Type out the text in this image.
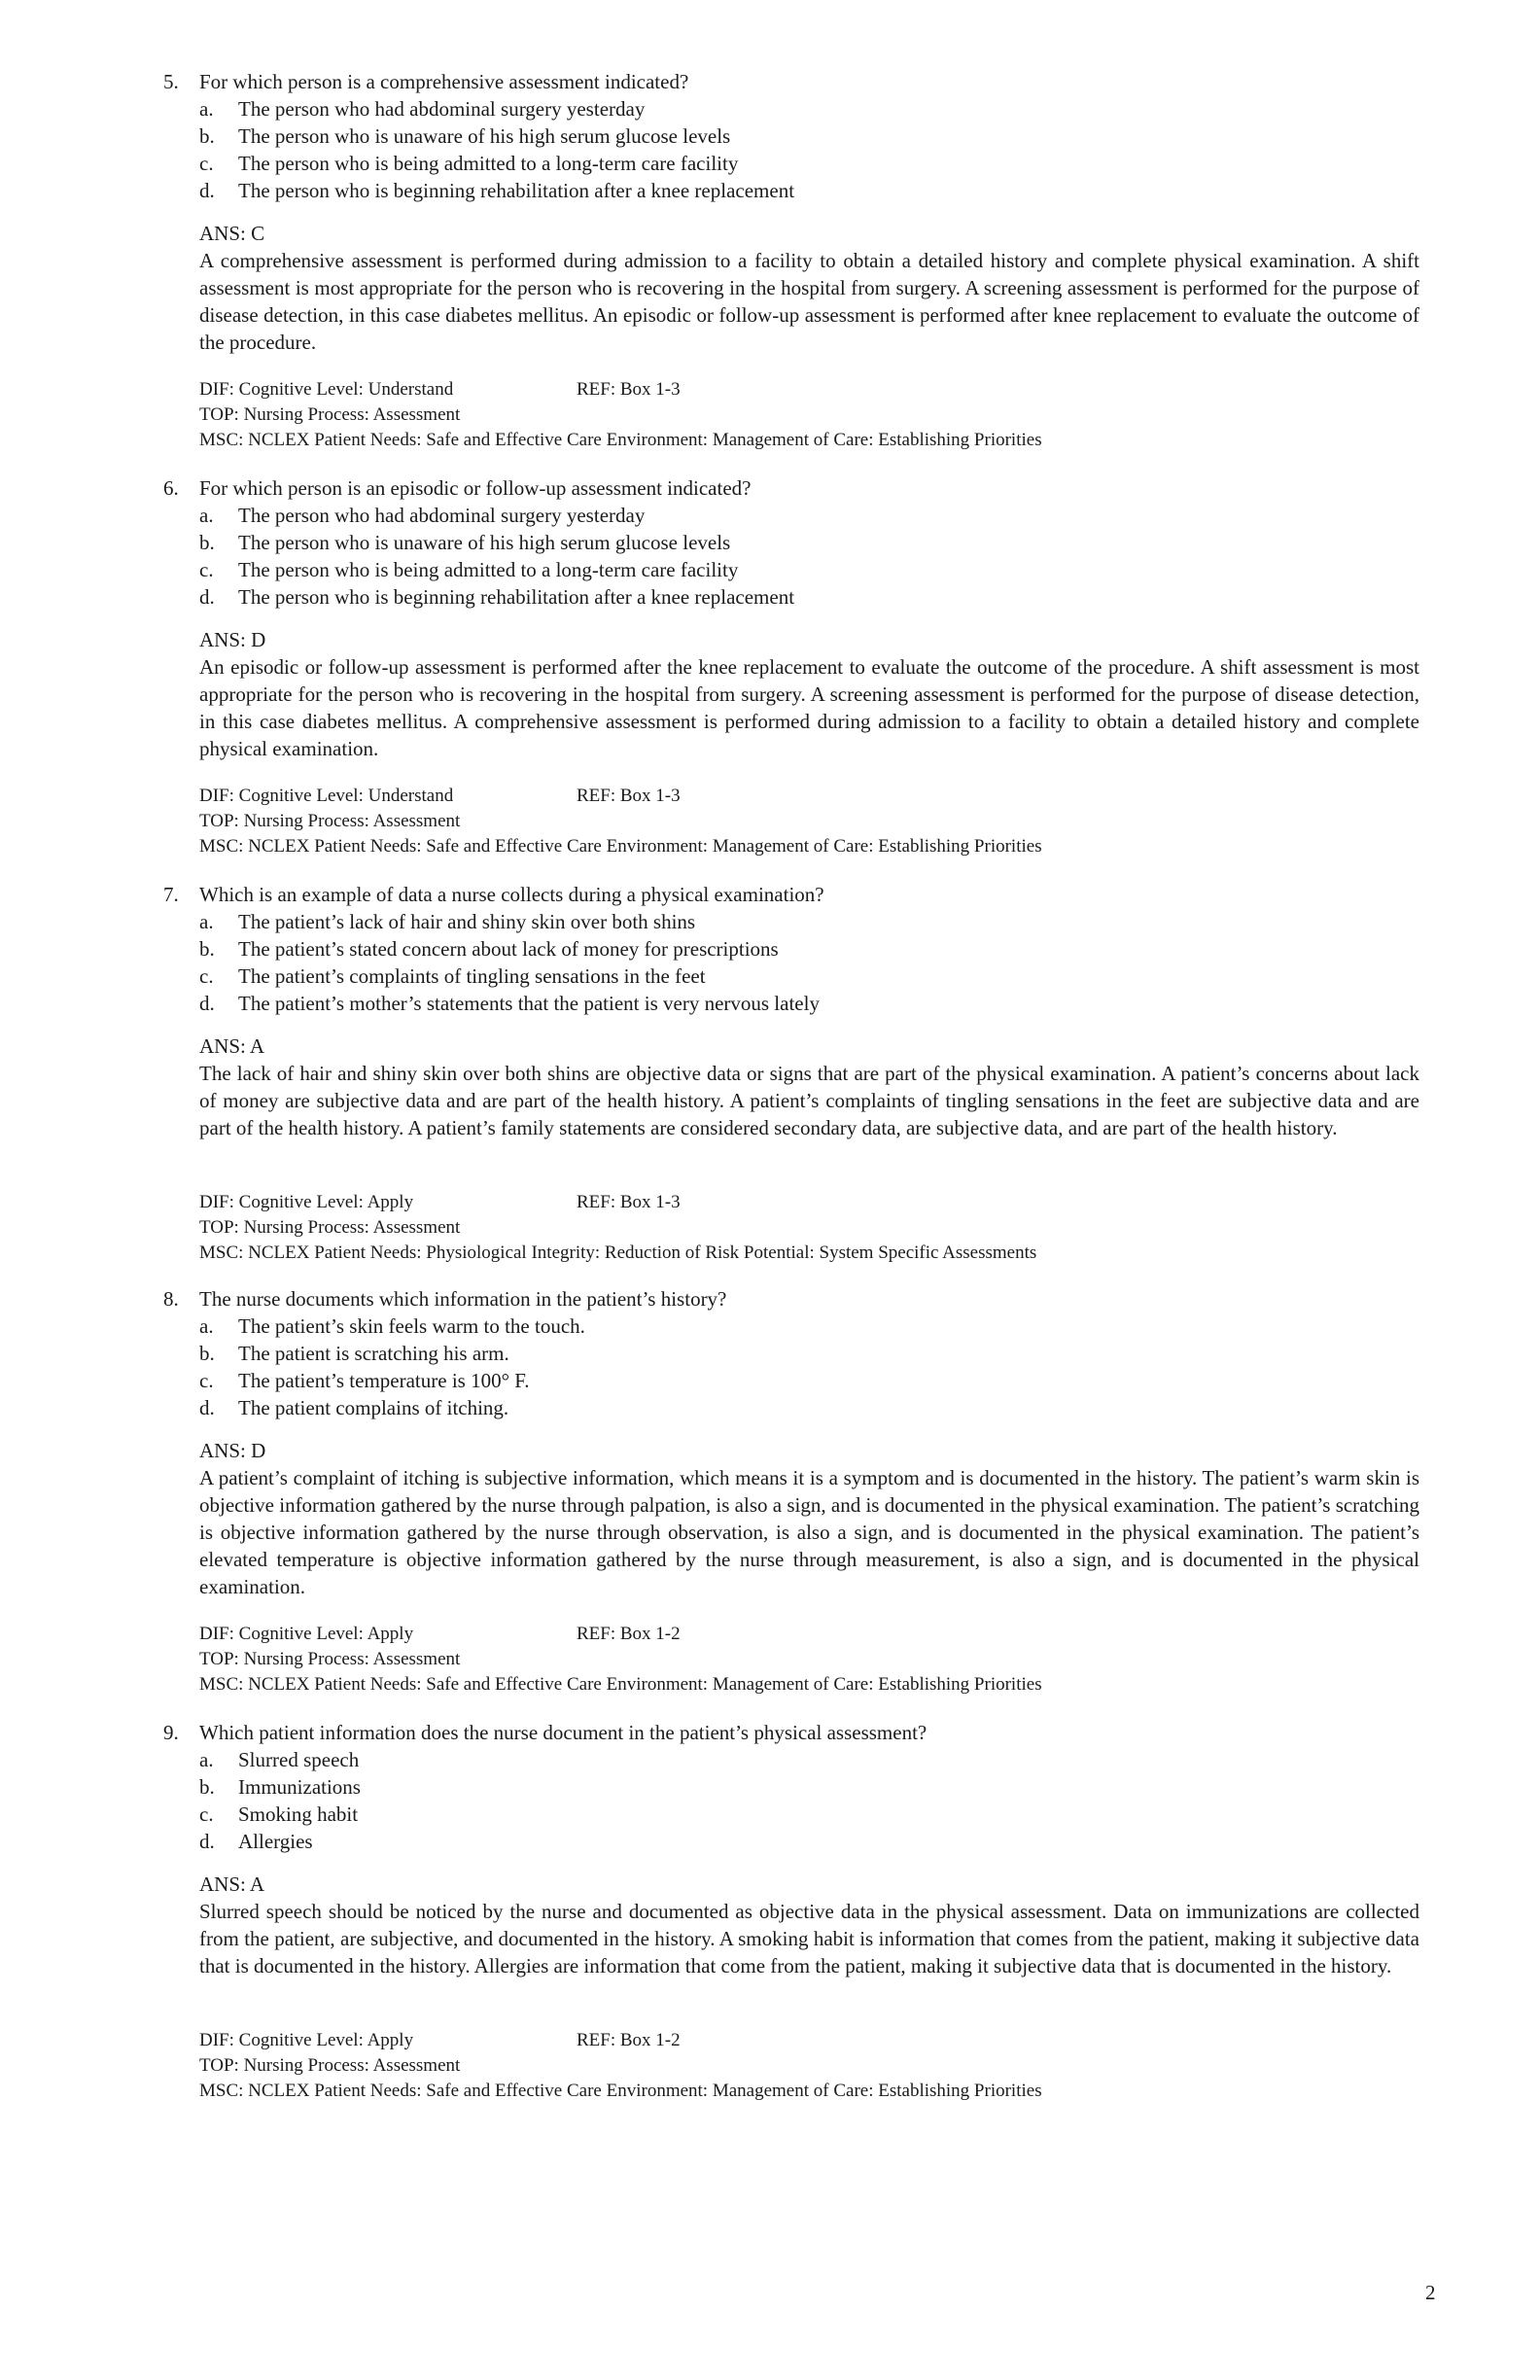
5.	For which person is a comprehensive assessment indicated?
a. The person who had abdominal surgery yesterday
b. The person who is unaware of his high serum glucose levels
c. The person who is being admitted to a long-term care facility
d. The person who is beginning rehabilitation after a knee replacement
ANS: C
A comprehensive assessment is performed during admission to a facility to obtain a detailed history and complete physical examination. A shift assessment is most appropriate for the person who is recovering in the hospital from surgery. A screening assessment is performed for the purpose of disease detection, in this case diabetes mellitus. An episodic or follow-up assessment is performed after knee replacement to evaluate the outcome of the procedure.
DIF: Cognitive Level: Understand	REF: Box 1-3
TOP: Nursing Process: Assessment
MSC: NCLEX Patient Needs: Safe and Effective Care Environment: Management of Care: Establishing Priorities
6.	For which person is an episodic or follow-up assessment indicated?
a. The person who had abdominal surgery yesterday
b. The person who is unaware of his high serum glucose levels
c. The person who is being admitted to a long-term care facility
d. The person who is beginning rehabilitation after a knee replacement
ANS: D
An episodic or follow-up assessment is performed after the knee replacement to evaluate the outcome of the procedure. A shift assessment is most appropriate for the person who is recovering in the hospital from surgery. A screening assessment is performed for the purpose of disease detection, in this case diabetes mellitus. A comprehensive assessment is performed during admission to a facility to obtain a detailed history and complete physical examination.
DIF: Cognitive Level: Understand	REF: Box 1-3
TOP: Nursing Process: Assessment
MSC: NCLEX Patient Needs: Safe and Effective Care Environment: Management of Care: Establishing Priorities
7.	Which is an example of data a nurse collects during a physical examination?
a. The patient’s lack of hair and shiny skin over both shins
b. The patient’s stated concern about lack of money for prescriptions
c. The patient’s complaints of tingling sensations in the feet
d. The patient’s mother’s statements that the patient is very nervous lately
ANS: A
The lack of hair and shiny skin over both shins are objective data or signs that are part of the physical examination. A patient’s concerns about lack of money are subjective data and are part of the health history. A patient’s complaints of tingling sensations in the feet are subjective data and are part of the health history. A patient’s family statements are considered secondary data, are subjective data, and are part of the health history.
DIF: Cognitive Level: Apply	REF: Box 1-3
TOP: Nursing Process: Assessment
MSC: NCLEX Patient Needs: Physiological Integrity: Reduction of Risk Potential: System Specific Assessments
8.	The nurse documents which information in the patient’s history?
a. The patient’s skin feels warm to the touch.
b. The patient is scratching his arm.
c. The patient’s temperature is 100° F.
d. The patient complains of itching.
ANS: D
A patient’s complaint of itching is subjective information, which means it is a symptom and is documented in the history. The patient’s warm skin is objective information gathered by the nurse through palpation, is also a sign, and is documented in the physical examination. The patient’s scratching is objective information gathered by the nurse through observation, is also a sign, and is documented in the physical examination. The patient’s elevated temperature is objective information gathered by the nurse through measurement, is also a sign, and is documented in the physical examination.
DIF: Cognitive Level: Apply	REF: Box 1-2
TOP: Nursing Process: Assessment
MSC: NCLEX Patient Needs: Safe and Effective Care Environment: Management of Care: Establishing Priorities
9.	Which patient information does the nurse document in the patient’s physical assessment?
a. Slurred speech
b. Immunizations
c. Smoking habit
d. Allergies
ANS: A
Slurred speech should be noticed by the nurse and documented as objective data in the physical assessment. Data on immunizations are collected from the patient, are subjective, and documented in the history. A smoking habit is information that comes from the patient, making it subjective data that is documented in the history. Allergies are information that come from the patient, making it subjective data that is documented in the history.
DIF: Cognitive Level: Apply	REF: Box 1-2
TOP: Nursing Process: Assessment
MSC: NCLEX Patient Needs: Safe and Effective Care Environment: Management of Care: Establishing Priorities
2
